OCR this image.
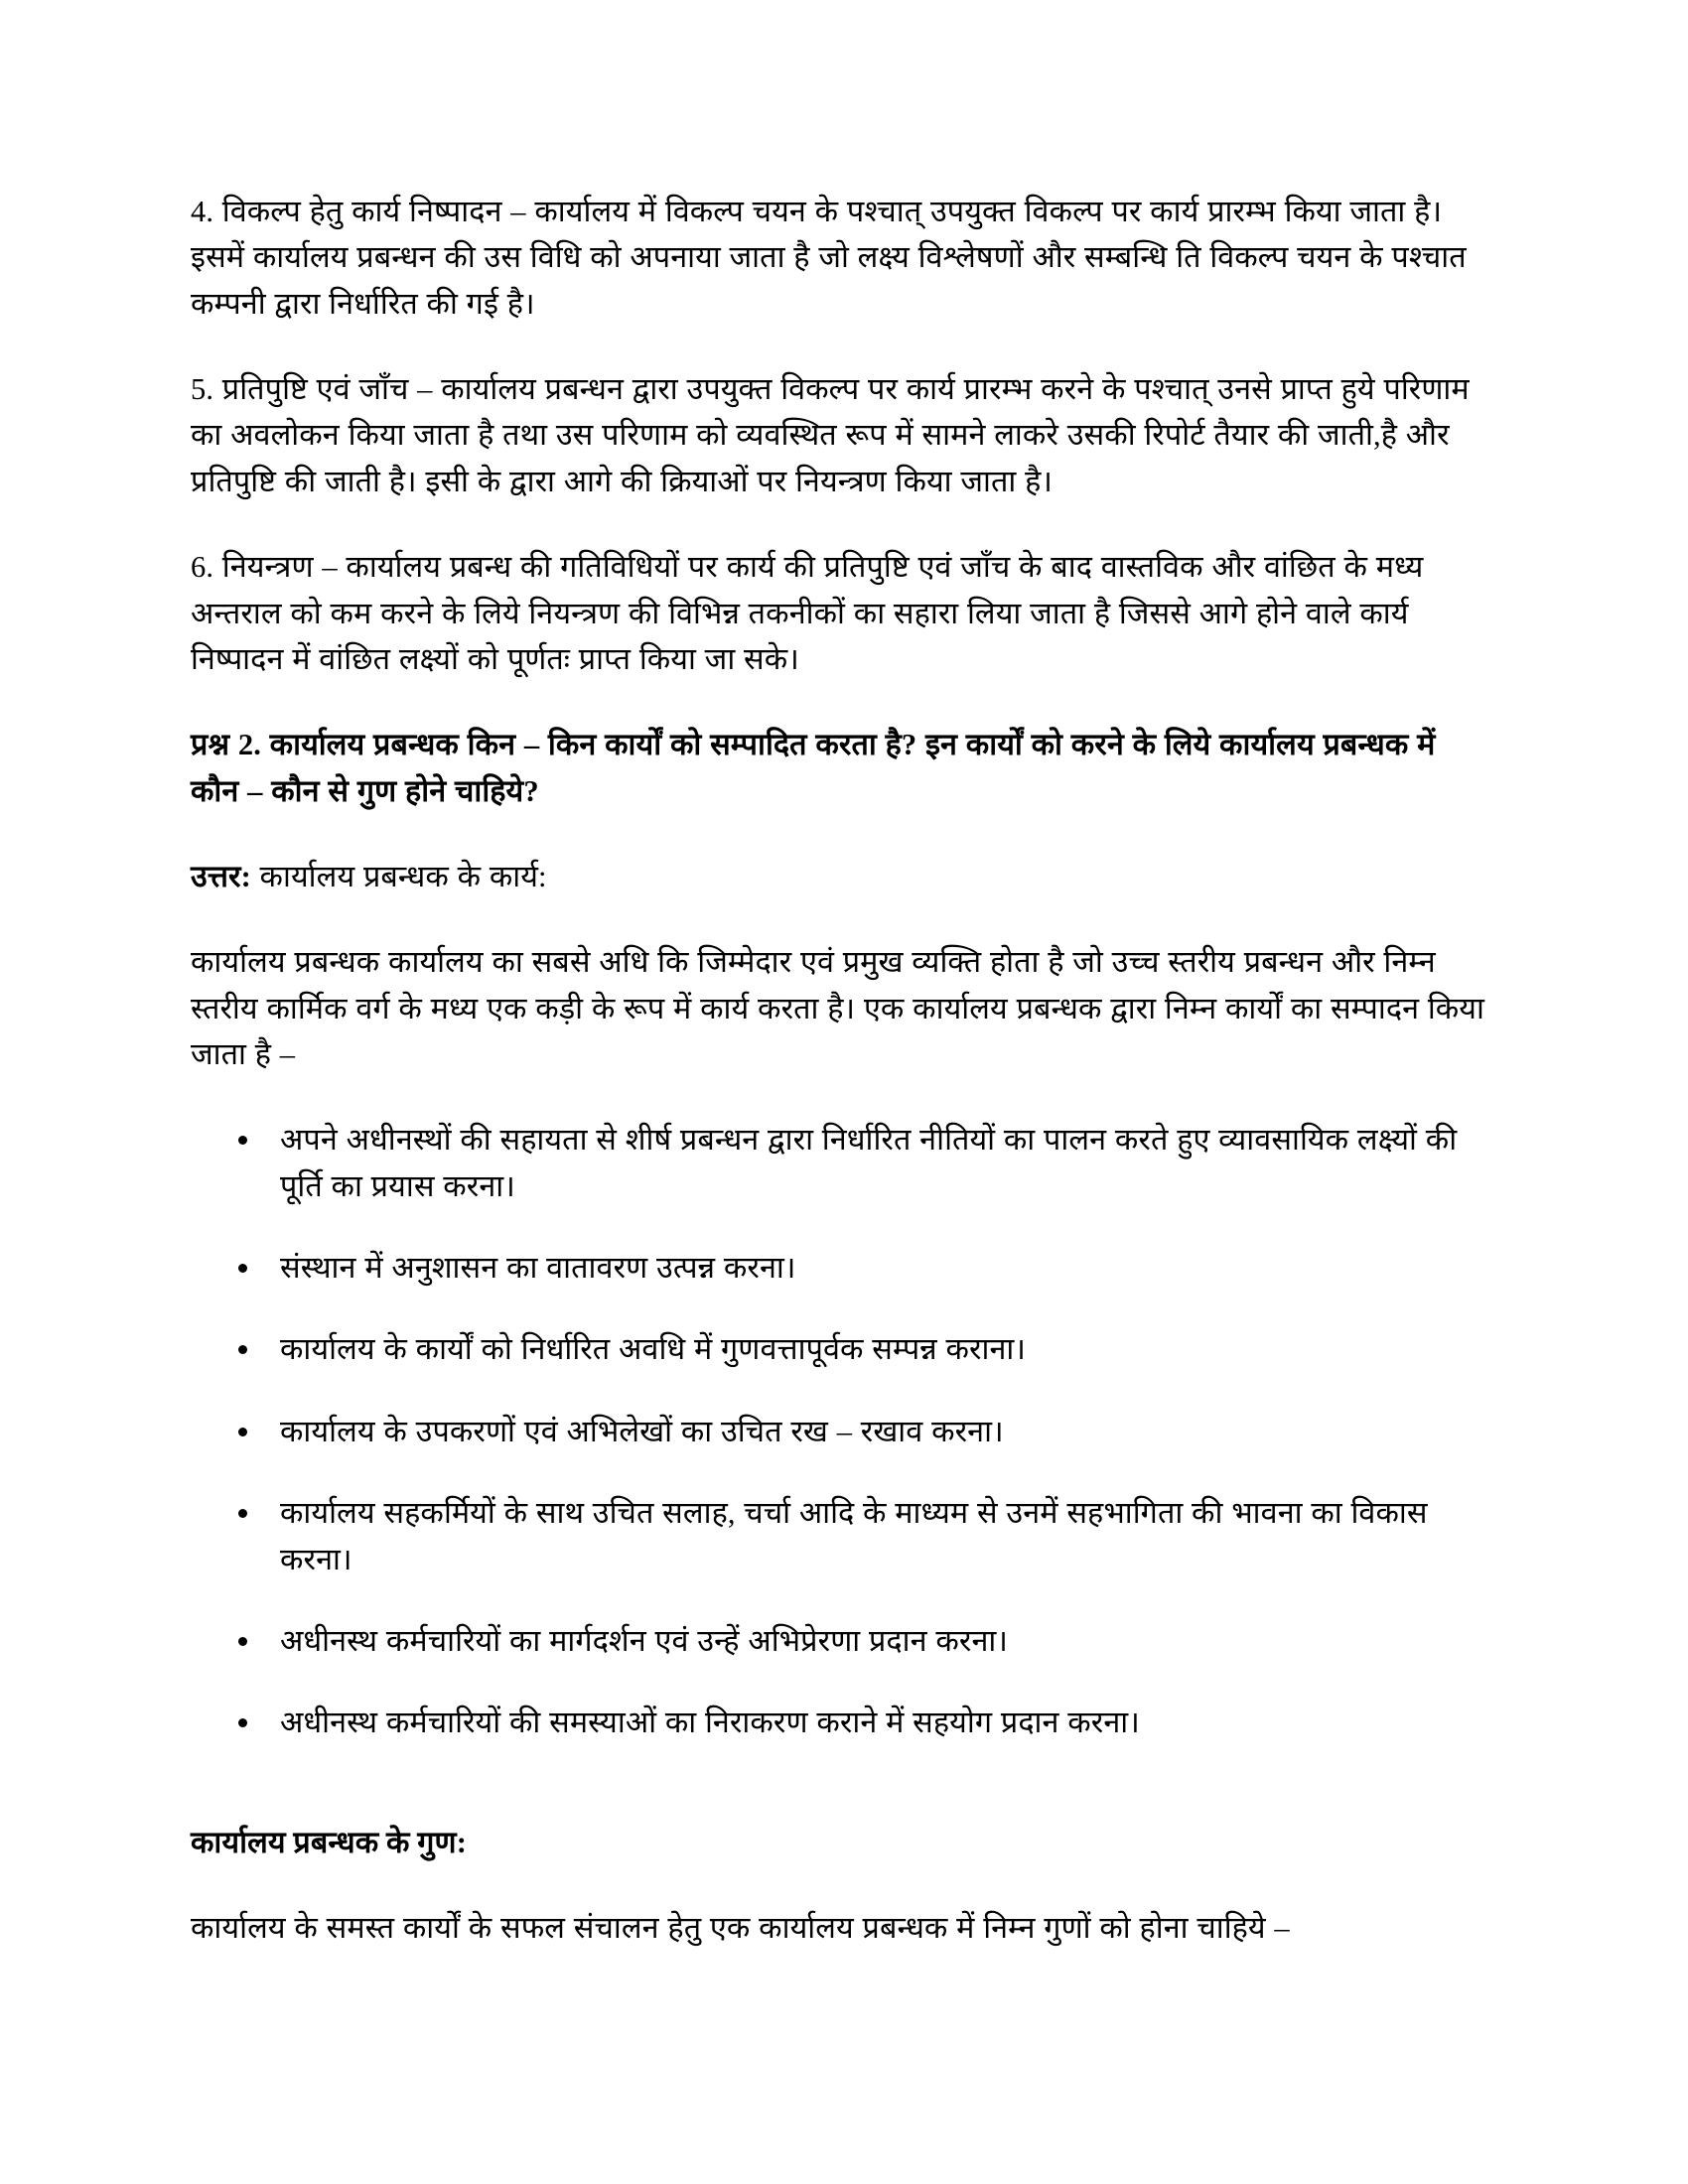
4. विकल्प हेतु कार्य निष्पादन – कार्यालय में विकल्प चयन के पश्चात् उपयुक्त विकल्प पर कार्य प्रारम्भ किया जाता है। इसमें कार्यालय प्रबन्धन की उस विधि को अपनाया जाता है जो लक्ष्य विश्लेषणों और सम्बन्धि ति विकल्प चयन के पश्चात कम्पनी द्वारा निर्धारित की गई है।

5. प्रतिपुष्टि एवं जाँच – कार्यालय प्रबन्धन द्वारा उपयुक्त विकल्प पर कार्य प्रारम्भ करने के पश्चात् उनसे प्राप्त हुये परिणाम का अवलोकन किया जाता है तथा उस परिणाम को व्यवस्थित रूप में सामने लाकरे उसकी रिपोर्ट तैयार की जाती,है और प्रतिपुष्टि की जाती है। इसी के द्वारा आगे की क्रियाओं पर नियन्त्रण किया जाता है।

6. नियन्त्रण – कार्यालय प्रबन्ध की गतिविधियों पर कार्य की प्रतिपुष्टि एवं जाँच के बाद वास्तविक और वांछित के मध्य अन्तराल को कम करने के लिये नियन्त्रण की विभिन्न तकनीकों का सहारा लिया जाता है जिससे आगे होने वाले कार्य निष्पादन में वांछित लक्ष्यों को पूर्णतः प्राप्त किया जा सके।

प्रश्न 2. कार्यालय प्रबन्धक किन – किन कार्यों को सम्पादित करता है? इन कार्यों को करने के लिये कार्यालय प्रबन्धक में कौन – कौन से गुण होने चाहिये?

उत्तर: कार्यालय प्रबन्धक के कार्य:

कार्यालय प्रबन्धक कार्यालय का सबसे अधि कि जिम्मेदार एवं प्रमुख व्यक्ति होता है जो उच्च स्तरीय प्रबन्धन और निम्न स्तरीय कार्मिक वर्ग के मध्य एक कड़ी के रूप में कार्य करता है। एक कार्यालय प्रबन्धक द्वारा निम्न कार्यों का सम्पादन किया जाता है –

अपने अधीनस्थों की सहायता से शीर्ष प्रबन्धन द्वारा निर्धारित नीतियों का पालन करते हुए व्यावसायिक लक्ष्यों की पूर्ति का प्रयास करना।
संस्थान में अनुशासन का वातावरण उत्पन्न करना।
कार्यालय के कार्यों को निर्धारित अवधि में गुणवत्तापूर्वक सम्पन्न कराना।
कार्यालय के उपकरणों एवं अभिलेखों का उचित रख – रखाव करना।
कार्यालय सहकर्मियों के साथ उचित सलाह, चर्चा आदि के माध्यम से उनमें सहभागिता की भावना का विकास करना।
अधीनस्थ कर्मचारियों का मार्गदर्शन एवं उन्हें अभिप्रेरणा प्रदान करना।
अधीनस्थ कर्मचारियों की समस्याओं का निराकरण कराने में सहयोग प्रदान करना।

कार्यालय प्रबन्धक के गुण:

कार्यालय के समस्त कार्यों के सफल संचालन हेतु एक कार्यालय प्रबन्धक में निम्न गुणों को होना चाहिये –
